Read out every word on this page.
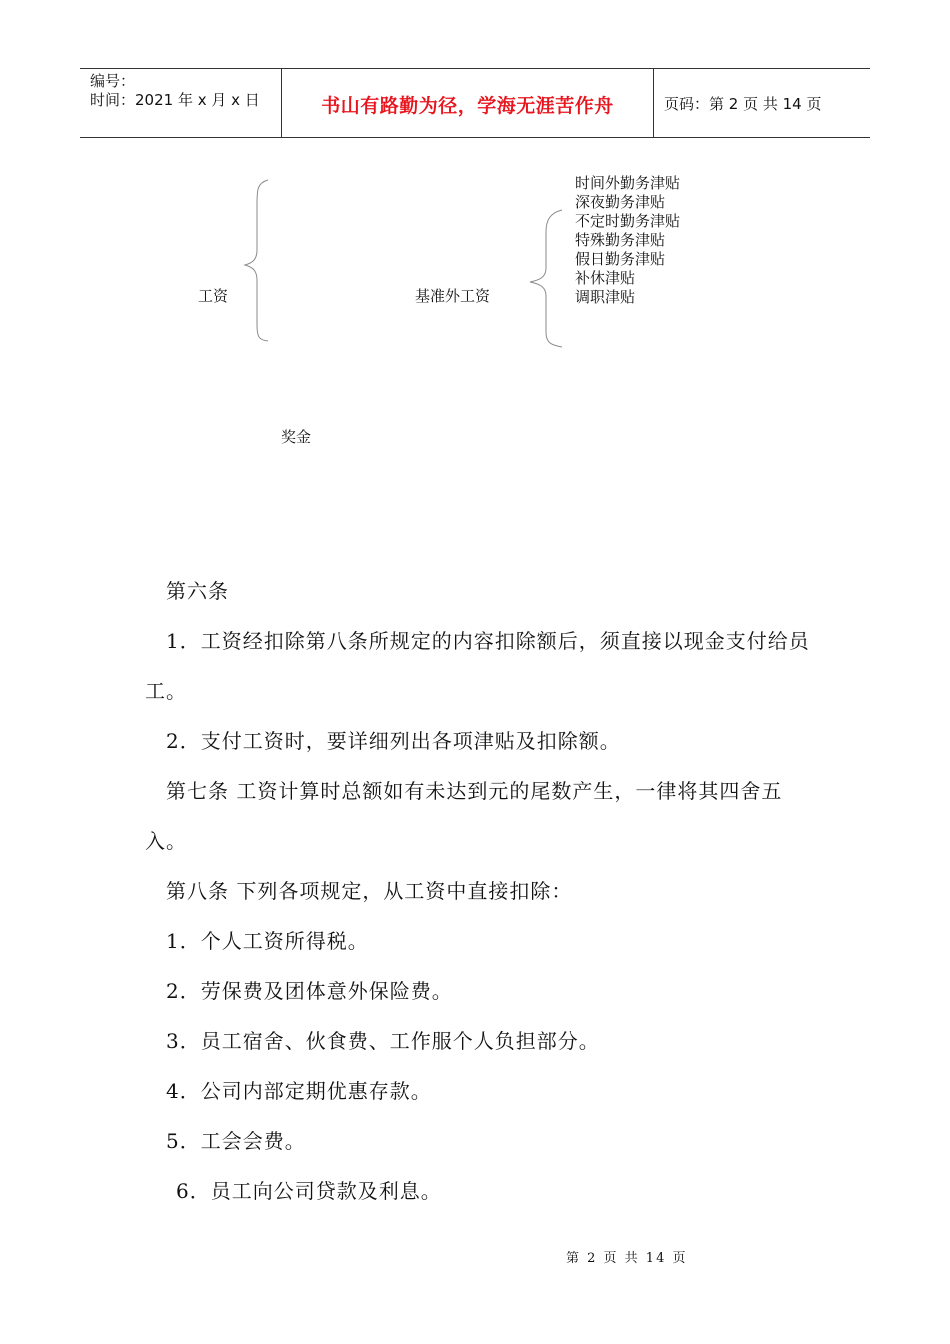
编号：
时间：2021 年 x 月 x 日	书山有路勤为径，学海无涯苦作舟	页码：第 2 页 共 14 页
工资	基准外工资
时间外勤务津贴
深夜勤务津贴
不定时勤务津贴
特殊勤务津贴
假日勤务津贴
补休津贴
调职津贴
奖金

第六条

1．工资经扣除第八条所规定的内容扣除额后，须直接以现金支付给员工。

2．支付工资时，要详细列出各项津贴及扣除额。

第七条 工资计算时总额如有未达到元的尾数产生，一律将其四舍五入。

第八条 下列各项规定，从工资中直接扣除：

1．个人工资所得税。

2．劳保费及团体意外保险费。

3．员工宿舍、伙食费、工作服个人负担部分。

4．公司内部定期优惠存款。

5．工会会费。

6．员工向公司贷款及利息。

第 2 页 共 14 页
